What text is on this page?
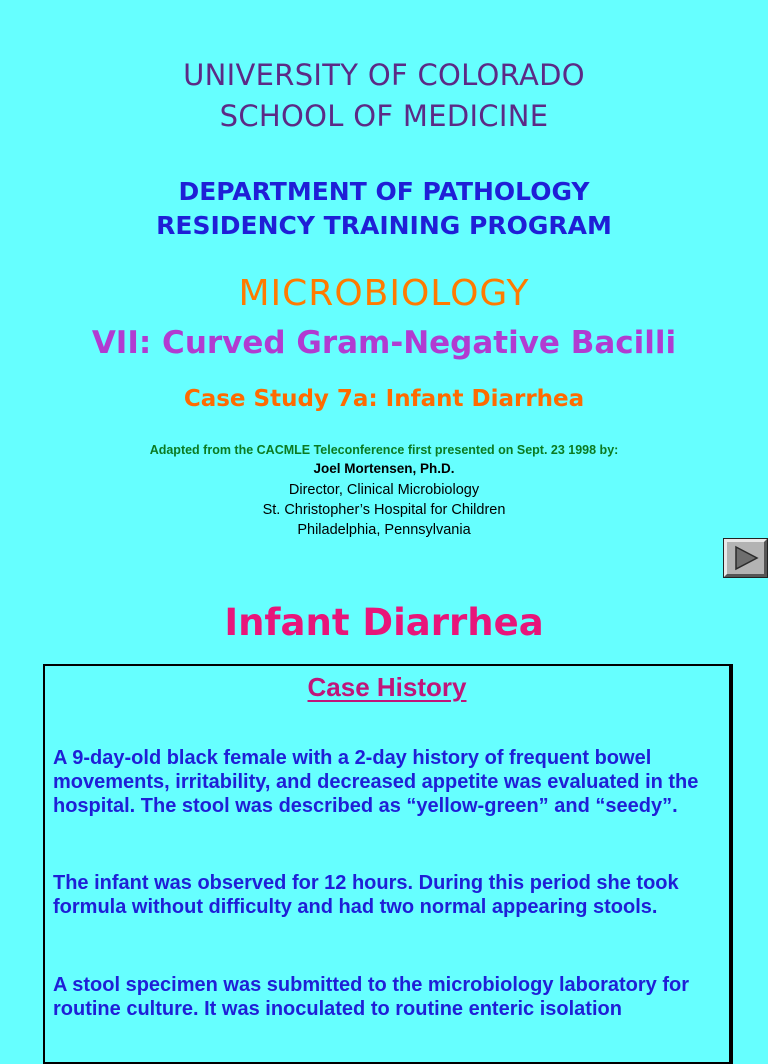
UNIVERSITY OF COLORADO
SCHOOL OF MEDICINE
DEPARTMENT OF PATHOLOGY
RESIDENCY TRAINING PROGRAM
MICROBIOLOGY
VII: Curved Gram-Negative Bacilli
Case Study 7a: Infant Diarrhea
Adapted from the CACMLE Teleconference first presented on Sept. 23 1998 by:
Joel Mortensen, Ph.D.
Director, Clinical Microbiology
St. Christopher’s Hospital for Children
Philadelphia, Pennsylvania
Infant Diarrhea
Case History
A 9-day-old black female with a 2-day history of frequent bowel movements, irritability, and decreased appetite was evaluated in the hospital. The stool was described as “yellow-green” and “seedy”.
The infant was observed for 12 hours. During this period she took formula without difficulty and had two normal appearing stools.
A stool specimen was submitted to the microbiology laboratory for routine culture. It was inoculated to routine enteric isolation
